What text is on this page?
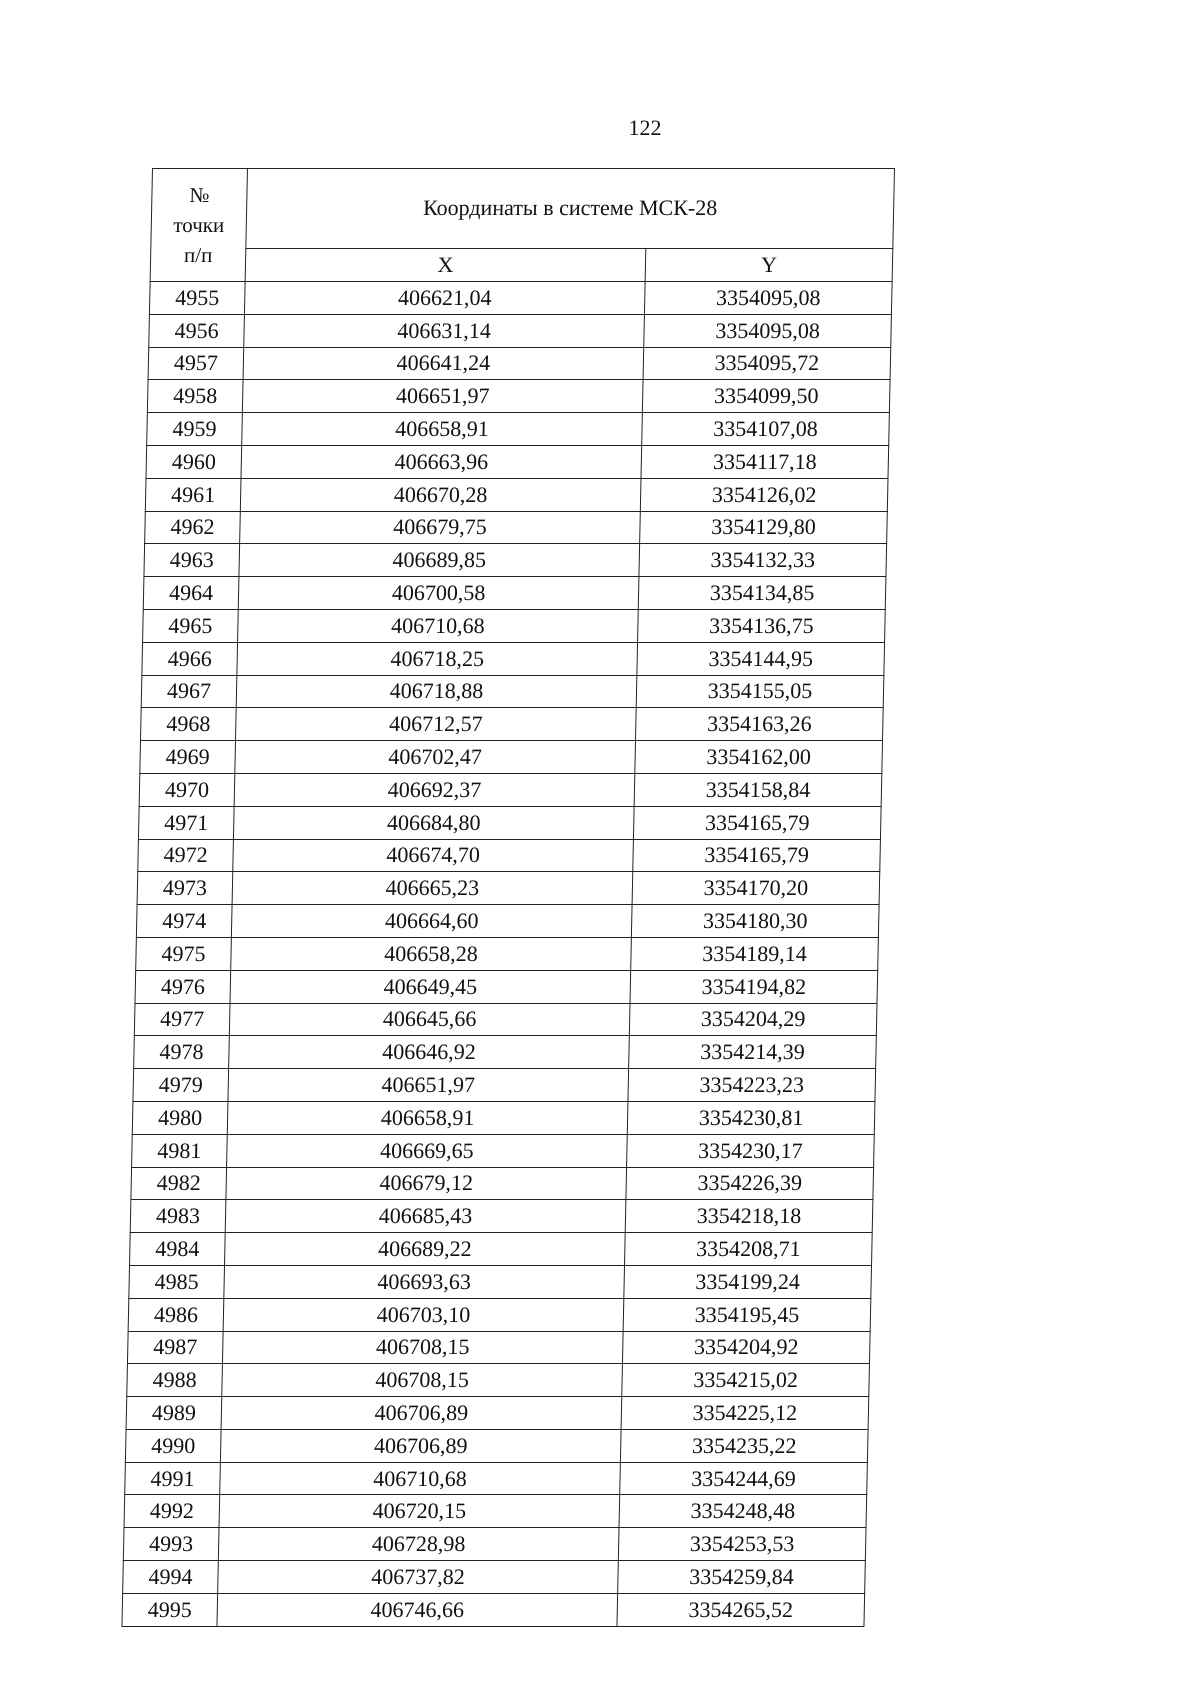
122
№
точки
п/п	Координаты в системе МСК-28	
	X	Y
4955	406621,04	3354095,08
4956	406631,14	3354095,08
4957	406641,24	3354095,72
4958	406651,97	3354099,50
4959	406658,91	3354107,08
4960	406663,96	3354117,18
4961	406670,28	3354126,02
4962	406679,75	3354129,80
4963	406689,85	3354132,33
4964	406700,58	3354134,85
4965	406710,68	3354136,75
4966	406718,25	3354144,95
4967	406718,88	3354155,05
4968	406712,57	3354163,26
4969	406702,47	3354162,00
4970	406692,37	3354158,84
4971	406684,80	3354165,79
4972	406674,70	3354165,79
4973	406665,23	3354170,20
4974	406664,60	3354180,30
4975	406658,28	3354189,14
4976	406649,45	3354194,82
4977	406645,66	3354204,29
4978	406646,92	3354214,39
4979	406651,97	3354223,23
4980	406658,91	3354230,81
4981	406669,65	3354230,17
4982	406679,12	3354226,39
4983	406685,43	3354218,18
4984	406689,22	3354208,71
4985	406693,63	3354199,24
4986	406703,10	3354195,45
4987	406708,15	3354204,92
4988	406708,15	3354215,02
4989	406706,89	3354225,12
4990	406706,89	3354235,22
4991	406710,68	3354244,69
4992	406720,15	3354248,48
4993	406728,98	3354253,53
4994	406737,82	3354259,84
4995	406746,66	3354265,52
